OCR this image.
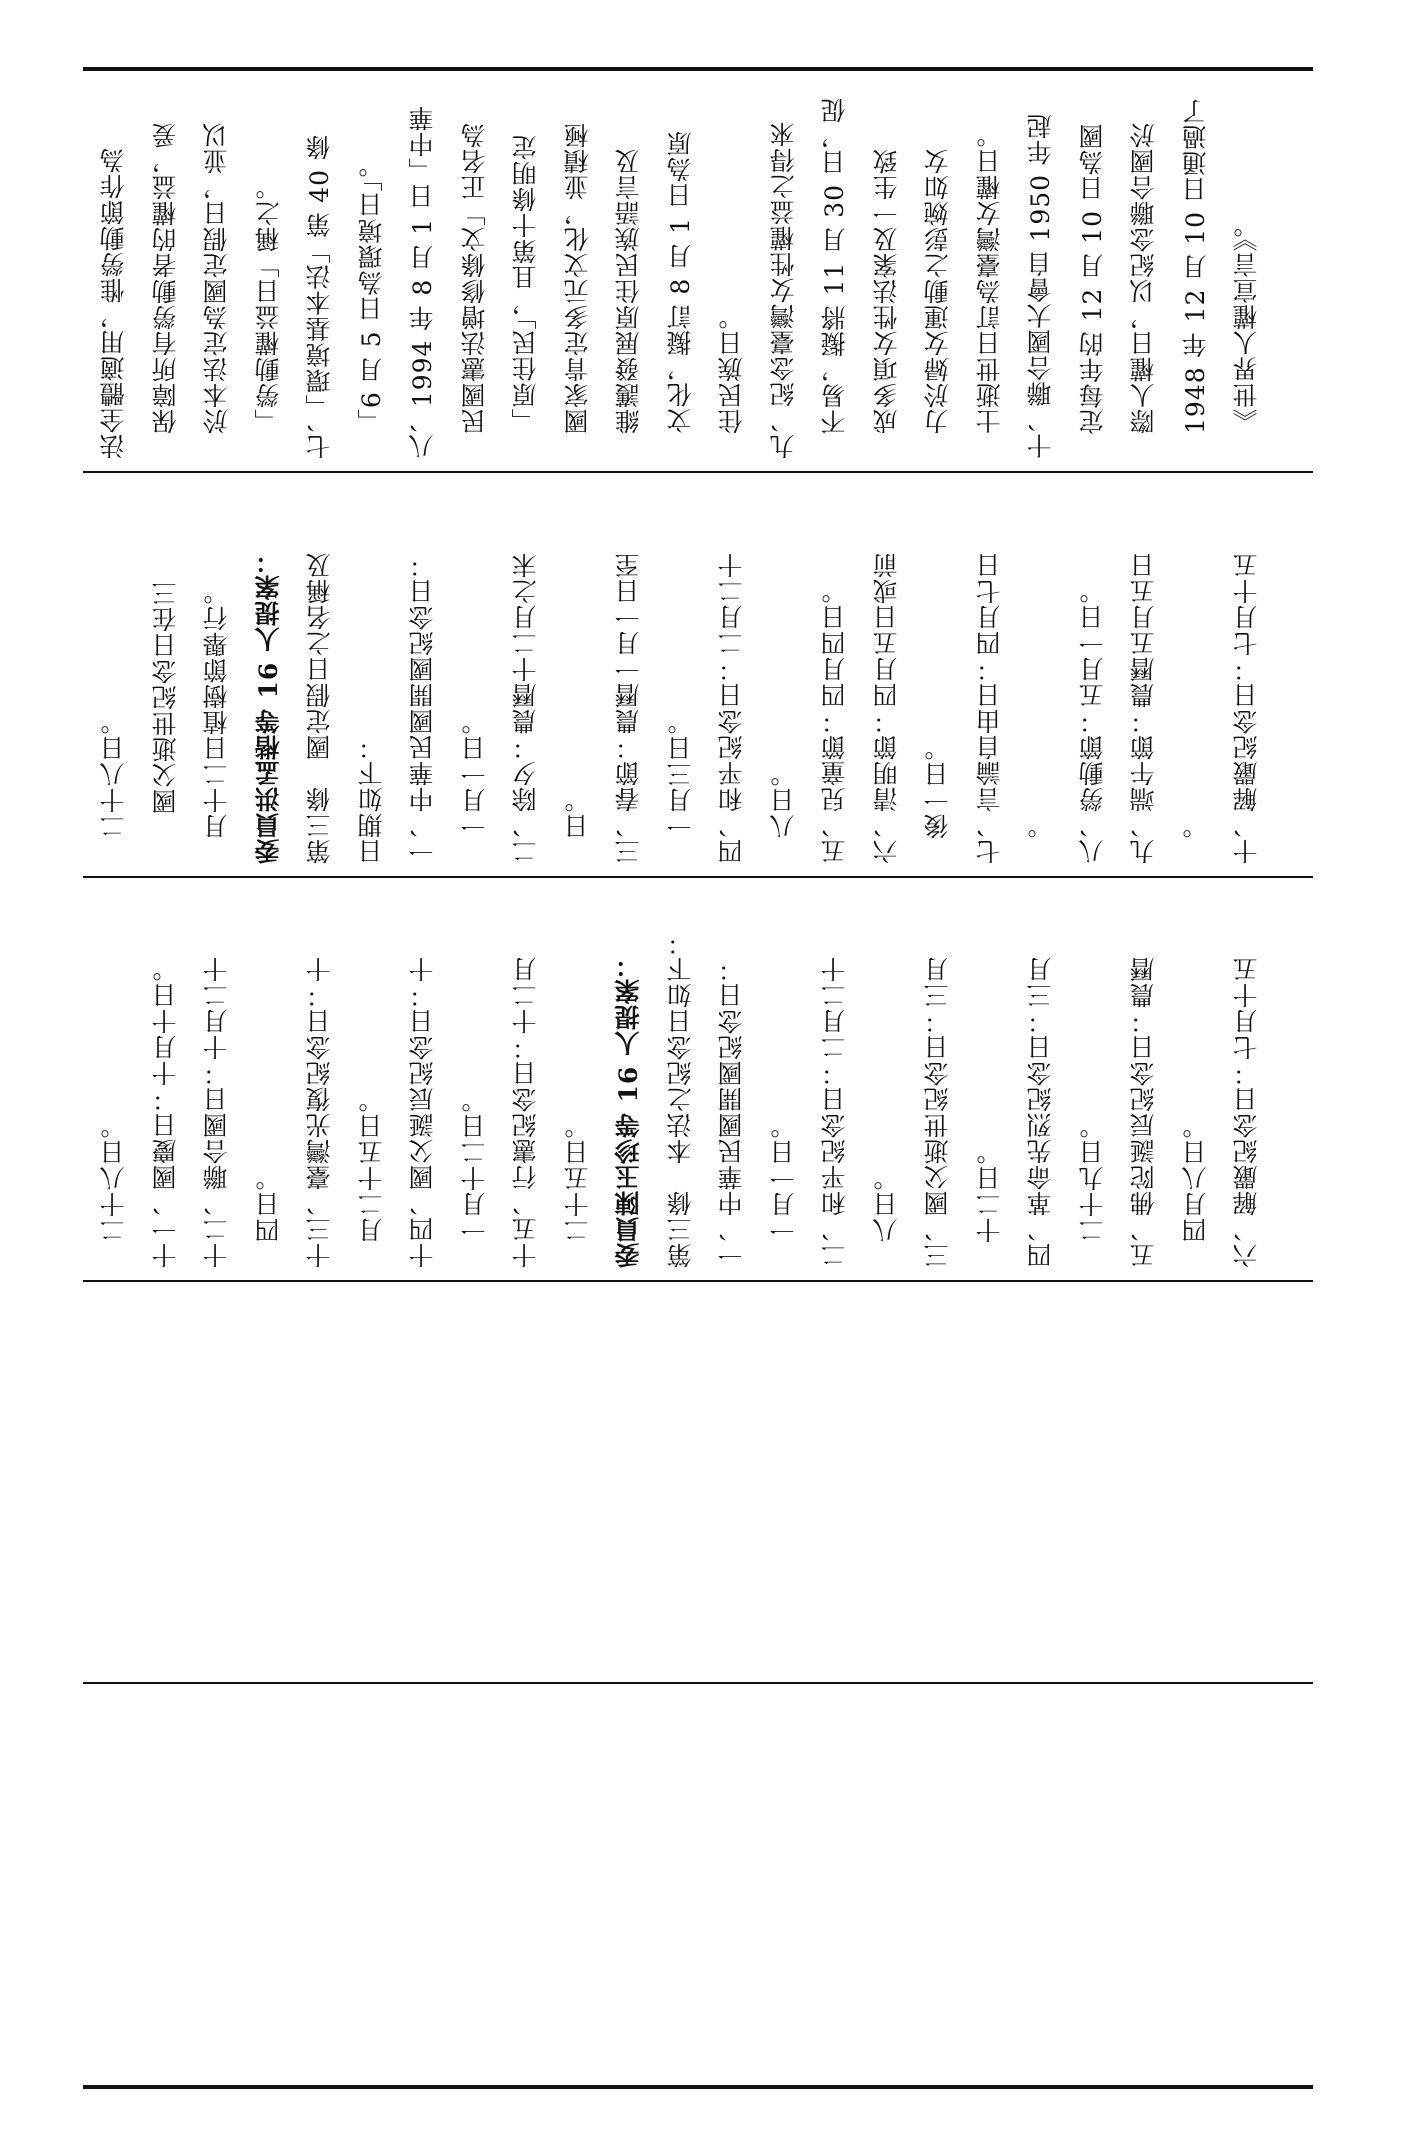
法全體適用，惟勞動節作為 保障所有勞動者的權益，爰 於本法定為國定假日，並以 「勞動權益日」稱之。 七、「環境基本法」第 40 條 「6 月 5 日為環境日」。 八、1994 年 8 月 1 日「中華 民國憲法增修條文」正名為 「原住民」，且第十條明定 國家肯定多元文化，並積極 維護發展原住民族語言及 文化，擬訂 8 月 1 日為原 住民族日。 九、紀念臺灣女性權益之得來 不易，擬將 11 月 30 日，促 成多項女性法案及一生致 力於婦女運動之彭婉如女 士逝世日訂為臺灣女權日。 十、聯合國大會自 1950 年起 定每年的 12 月 10 日為國 際人權日，以紀念聯合國於 1948 年 12 月 10 日通過了 《世界人權宣言》。
二十八日。 國父逝世紀念日在三 月十二日植樹節舉行。 委員洪孟楷等 16 人提案： 第三條　國定假日之名稱及 日期如下： 一、中華民國開國紀念日： 一月一日。 二、除夕：農曆十二月之末 日。 三、春節：農曆一月一日至 一月三日。 四、和平紀念日：二月二十 八日。 五、兒童節：四月四日。 六、清明節：四月五日或前 後一日。 七、言論自由日：四月七日 。 八、勞動節：五月一日。 九、端午節：農曆五月五日 。 十、解嚴紀念日：七月十五
二十八日。 十一、國慶日：十月十日。 十二、聯合國日：十月二十 四日。 十三、臺灣光復紀念日：十 月二十五日。 十四、國父誕辰紀念日：十 一月十二日。 十五、行憲紀念日：十二月 二十五日。 委員陳玉珍等 16 人提案： 第三條　本法之紀念日如下： 一、中華民國開國紀念日： 一月一日。 二、和平紀念日：二月二十 八日。 三、國父逝世紀念日：三月 十二日。 四、革命先烈紀念日：三月 二十九日。 五、佛陀誕辰紀念日：農曆 四月八日。 六、解嚴紀念日：七月十五
